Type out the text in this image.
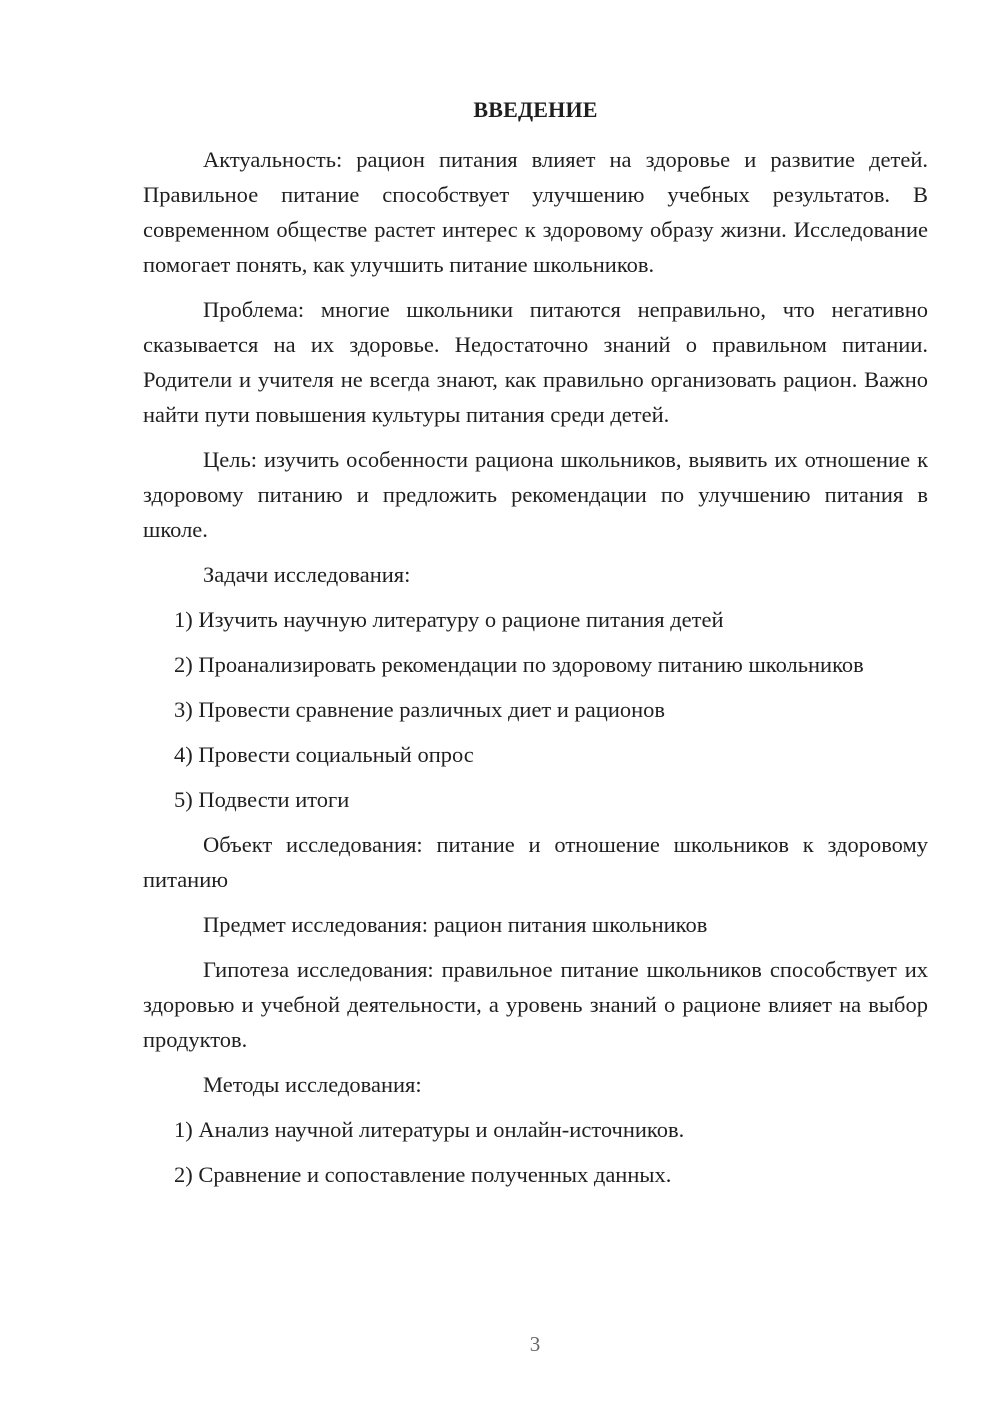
ВВЕДЕНИЕ

Актуальность: рацион питания влияет на здоровье и развитие детей. Правильное питание способствует улучшению учебных результатов. В современном обществе растет интерес к здоровому образу жизни. Исследование помогает понять, как улучшить питание школьников.

Проблема: многие школьники питаются неправильно, что негативно сказывается на их здоровье. Недостаточно знаний о правильном питании. Родители и учителя не всегда знают, как правильно организовать рацион. Важно найти пути повышения культуры питания среди детей.

Цель: изучить особенности рациона школьников, выявить их отношение к здоровому питанию и предложить рекомендации по улучшению питания в школе.

Задачи исследования:

1) Изучить научную литературу о рационе питания детей

2) Проанализировать рекомендации по здоровому питанию школьников

3) Провести сравнение различных диет и рационов

4) Провести социальный опрос

5) Подвести итоги

Объект исследования: питание и отношение школьников к здоровому питанию

Предмет исследования: рацион питания школьников

Гипотеза исследования: правильное питание школьников способствует их здоровью и учебной деятельности, а уровень знаний о рационе влияет на выбор продуктов.

Методы исследования:

1) Анализ научной литературы и онлайн-источников.

2) Сравнение и сопоставление полученных данных.

3
